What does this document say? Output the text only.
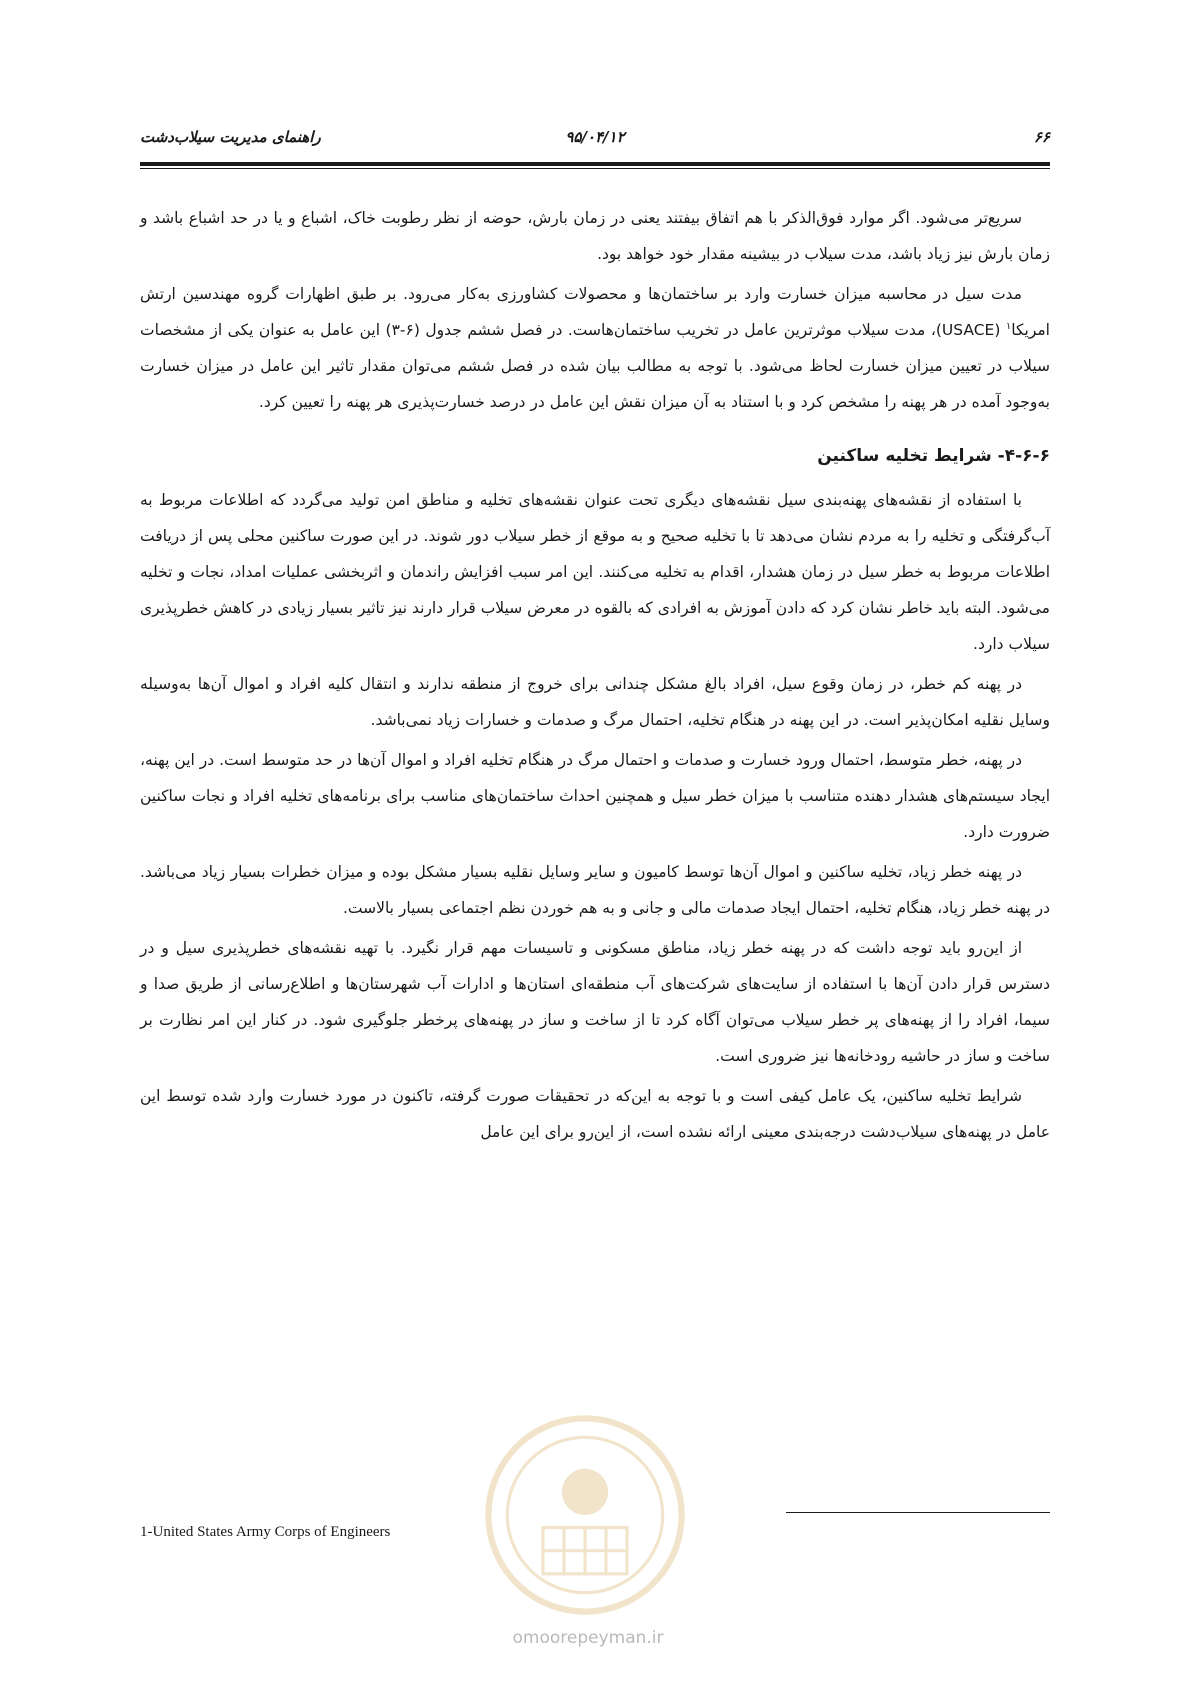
۶۶
۹۵/۰۴/۱۲
راهنمای مدیریت سیلاب‌دشت

سریع‌تر می‌شود. اگر موارد فوق‌الذکر با هم اتفاق بیفتند یعنی در زمان بارش، حوضه از نظر رطوبت خاک، اشباع و یا در حد اشباع باشد و زمان بارش نیز زیاد باشد، مدت سیلاب در بیشینه مقدار خود خواهد بود.

مدت سیل در محاسبه میزان خسارت وارد بر ساختمان‌ها و محصولات کشاورزی به‌کار می‌رود. بر طبق اظهارات گروه مهندسین ارتش امریکا$^۱$ (USACE)، مدت سیلاب موثرترین عامل در تخریب ساختمان‌هاست. در فصل ششم جدول (۶-۳) این عامل به عنوان یکی از مشخصات سیلاب در تعیین میزان خسارت لحاظ می‌شود. با توجه به مطالب بیان شده در فصل ششم می‌توان مقدار تاثیر این عامل در میزان خسارت به‌وجود آمده در هر پهنه را مشخص کرد و با استناد به آن میزان نقش این عامل در درصد خسارت‌پذیری هر پهنه را تعیین کرد.

۴-۶-۶- شرایط تخلیه ساکنین

با استفاده از نقشه‌های پهنه‌بندی سیل نقشه‌های دیگری تحت عنوان نقشه‌های تخلیه و مناطق امن تولید می‌گردد که اطلاعات مربوط به آب‌گرفتگی و تخلیه را به مردم نشان می‌دهد تا با تخلیه صحیح و به موقع از خطر سیلاب دور شوند. در این صورت ساکنین محلی پس از دریافت اطلاعات مربوط به خطر سیل در زمان هشدار، اقدام به تخلیه می‌کنند. این امر سبب افزایش راندمان و اثربخشی عملیات امداد، نجات و تخلیه می‌شود. البته باید خاطر نشان کرد که دادن آموزش به افرادی که بالقوه در معرض سیلاب قرار دارند نیز تاثیر بسیار زیادی در کاهش خطرپذیری سیلاب دارد.

در پهنه کم خطر، در زمان وقوع سیل، افراد بالغ مشکل چندانی برای خروج از منطقه ندارند و انتقال کلیه افراد و اموال آن‌ها به‌وسیله وسایل نقلیه امکان‌پذیر است. در این پهنه در هنگام تخلیه، احتمال مرگ و صدمات و خسارات زیاد نمی‌باشد.

در پهنه، خطر متوسط، احتمال ورود خسارت و صدمات و احتمال مرگ در هنگام تخلیه افراد و اموال آن‌ها در حد متوسط است. در این پهنه، ایجاد سیستم‌های هشدار دهنده متناسب با میزان خطر سیل و همچنین احداث ساختمان‌های مناسب برای برنامه‌های تخلیه افراد و نجات ساکنین ضرورت دارد.

در پهنه خطر زیاد، تخلیه ساکنین و اموال آن‌ها توسط کامیون و سایر وسایل نقلیه بسیار مشکل بوده و میزان خطرات بسیار زیاد می‌باشد. در پهنه خطر زیاد، هنگام تخلیه، احتمال ایجاد صدمات مالی و جانی و به هم خوردن نظم اجتماعی بسیار بالاست.

از این‌رو باید توجه داشت که در پهنه خطر زیاد، مناطق مسکونی و تاسیسات مهم قرار نگیرد. با تهیه نقشه‌های خطرپذیری سیل و در دسترس قرار دادن آن‌ها با استفاده از سایت‌های شرکت‌های آب منطقه‌ای استان‌ها و ادارات آب شهرستان‌ها و اطلاع‌رسانی از طریق صدا و سیما، افراد را از پهنه‌های پر خطر سیلاب می‌توان آگاه کرد تا از ساخت و ساز در پهنه‌های پرخطر جلوگیری شود. در کنار این امر نظارت بر ساخت و ساز در حاشیه رودخانه‌ها نیز ضروری است.

شرایط تخلیه ساکنین، یک عامل کیفی است و با توجه به این‌که در تحقیقات صورت گرفته، تاکنون در مورد خسارت وارد شده توسط این عامل در پهنه‌های سیلاب‌دشت درجه‌بندی معینی ارائه نشده است، از این‌رو برای این عامل

1-United States Army Corps of Engineers
omoorepeyman.ir
